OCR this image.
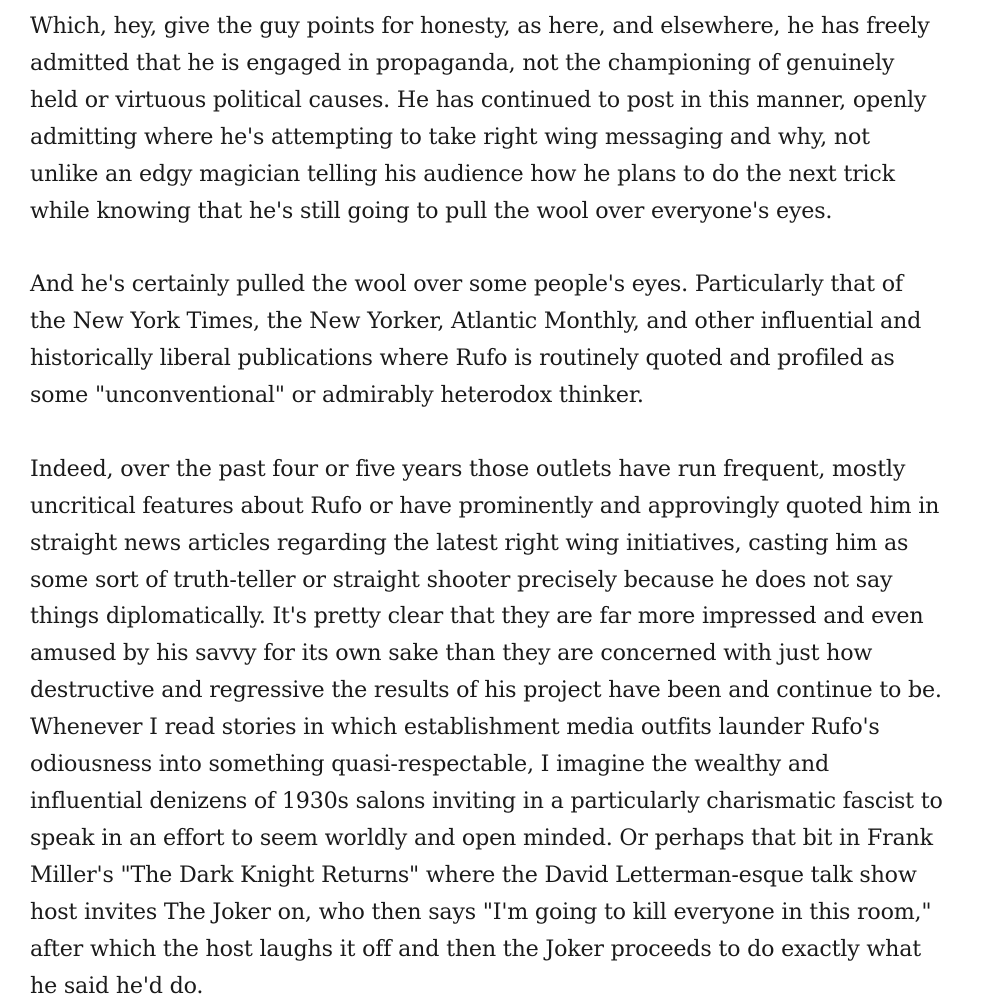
Which, hey, give the guy points for honesty, as here, and elsewhere, he has freely admitted that he is engaged in propaganda, not the championing of genuinely held or virtuous political causes. He has continued to post in this manner, openly admitting where he's attempting to take right wing messaging and why, not unlike an edgy magician telling his audience how he plans to do the next trick while knowing that he's still going to pull the wool over everyone's eyes.

And he's certainly pulled the wool over some people's eyes. Particularly that of the New York Times, the New Yorker, Atlantic Monthly, and other influential and historically liberal publications where Rufo is routinely quoted and profiled as some "unconventional" or admirably heterodox thinker.

Indeed, over the past four or five years those outlets have run frequent, mostly uncritical features about Rufo or have prominently and approvingly quoted him in straight news articles regarding the latest right wing initiatives, casting him as some sort of truth-teller or straight shooter precisely because he does not say things diplomatically. It's pretty clear that they are far more impressed and even amused by his savvy for its own sake than they are concerned with just how destructive and regressive the results of his project have been and continue to be. Whenever I read stories in which establishment media outfits launder Rufo's odiousness into something quasi-respectable, I imagine the wealthy and influential denizens of 1930s salons inviting in a particularly charismatic fascist to speak in an effort to seem worldly and open minded. Or perhaps that bit in Frank Miller's "The Dark Knight Returns" where the David Letterman-esque talk show host invites The Joker on, who then says "I'm going to kill everyone in this room," after which the host laughs it off and then the Joker proceeds to do exactly what he said he'd do.
